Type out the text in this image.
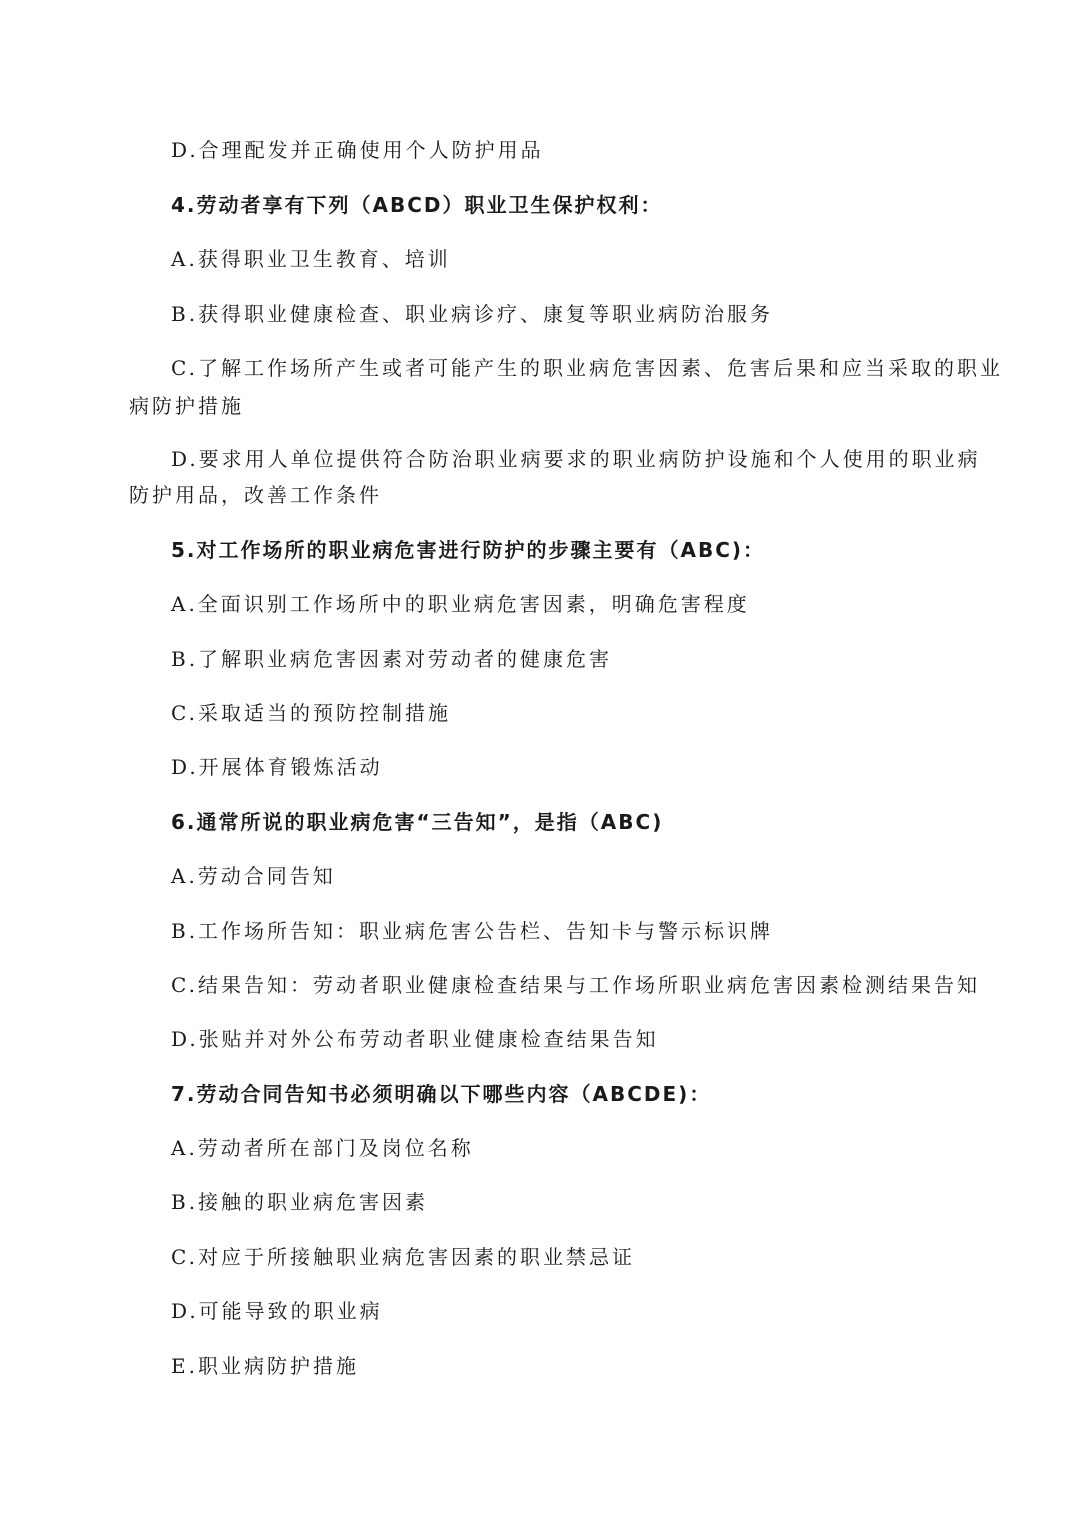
D.合理配发并正确使用个人防护用品
4.劳动者享有下列（ABCD）职业卫生保护权利：
A.获得职业卫生教育、培训
B.获得职业健康检查、职业病诊疗、康复等职业病防治服务
C.了解工作场所产生或者可能产生的职业病危害因素、危害后果和应当采取的职业
病防护措施
D.要求用人单位提供符合防治职业病要求的职业病防护设施和个人使用的职业病
防护用品，改善工作条件
5.对工作场所的职业病危害进行防护的步骤主要有（ABC)：
A.全面识别工作场所中的职业病危害因素，明确危害程度
B.了解职业病危害因素对劳动者的健康危害
C.采取适当的预防控制措施
D.开展体育锻炼活动
6.通常所说的职业病危害“三告知”，是指（ABC)
A.劳动合同告知
B.工作场所告知：职业病危害公告栏、告知卡与警示标识牌
C.结果告知：劳动者职业健康检查结果与工作场所职业病危害因素检测结果告知
D.张贴并对外公布劳动者职业健康检查结果告知
7.劳动合同告知书必须明确以下哪些内容（ABCDE)：
A.劳动者所在部门及岗位名称
B.接触的职业病危害因素
C.对应于所接触职业病危害因素的职业禁忌证
D.可能导致的职业病
E.职业病防护措施
